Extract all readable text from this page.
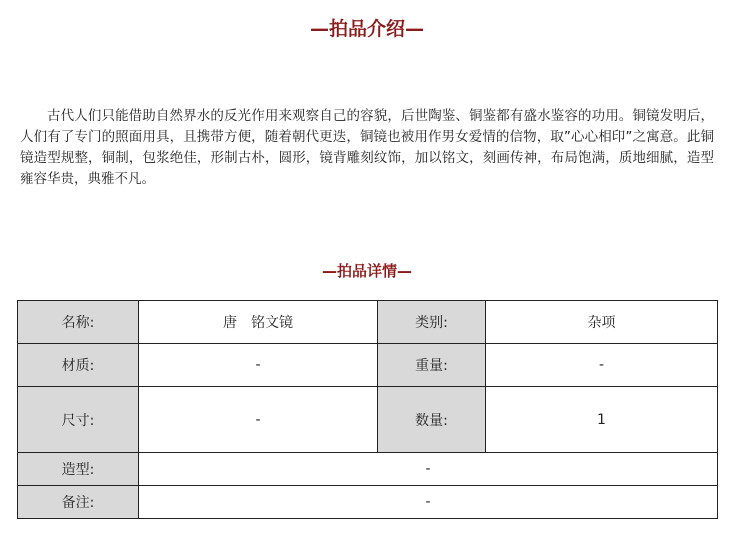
—拍品介绍—

古代人们只能借助自然界水的反光作用来观察自己的容貌，后世陶鉴、铜鉴都有盛水鉴容的功用。铜镜发明后，人们有了专门的照面用具，且携带方便，随着朝代更迭，铜镜也被用作男女爱情的信物，取”心心相印”之寓意。此铜镜造型规整，铜制，包浆绝佳，形制古朴，圆形，镜背雕刻纹饰，加以铭文，刻画传神，布局饱满，质地细腻，造型雍容华贵，典雅不凡。

—拍品详情—
名称:	唐　铭文镜	类别:	杂项
材质:	-	重量:	-
尺寸:	-	数量:	1
造型:	-		
备注:	-		
